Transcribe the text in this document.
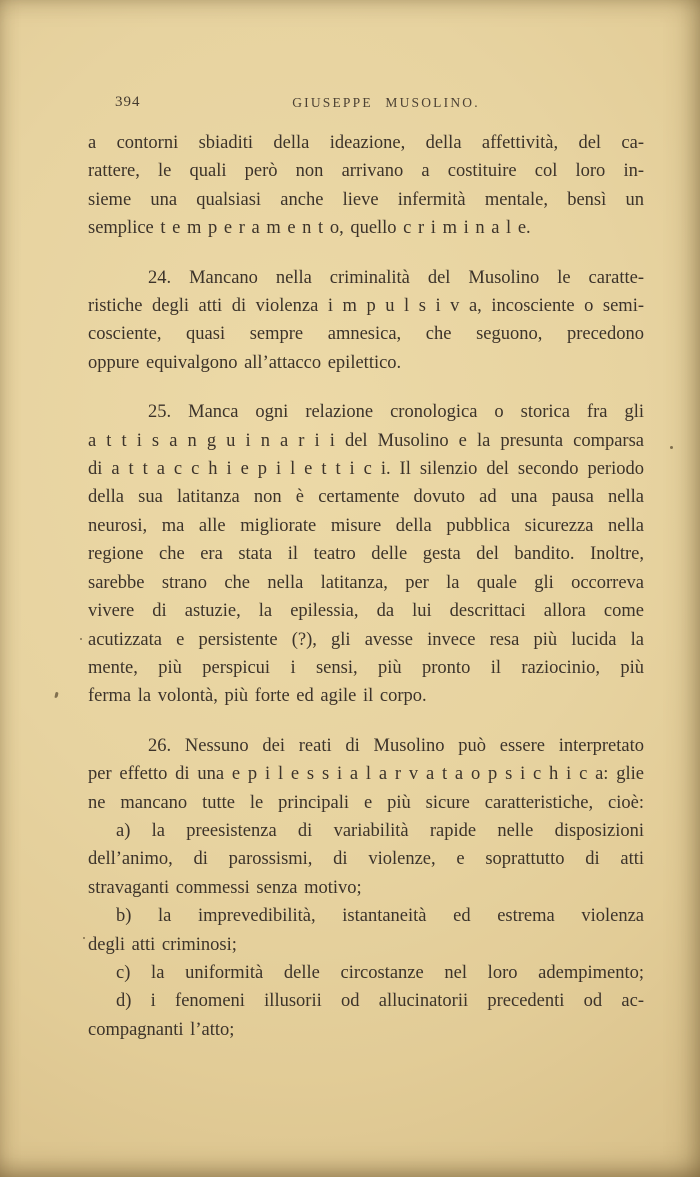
394	GIUSEPPE MUSOLINO.
a contorni sbiaditi della ideazione, della affettività, del ca-
rattere, le quali però non arrivano a costituire col loro in-
sieme una qualsiasi anche lieve infermità mentale, bensì un
semplice t e m p e r a m e n t o, quello c r i m i n a l e.
24. Mancano nella criminalità del Musolino le caratte-
ristiche degli atti di violenza i m p u l s i v a, incosciente o semi-
cosciente, quasi sempre amnesica, che seguono, precedono
oppure equivalgono all’attacco epilettico.
25. Manca ogni relazione cronologica o storica fra gli
a t t i s a n g u i n a r i i del Musolino e la presunta comparsa
di a t t a c c h i e p i l e t t i c i. Il silenzio del secondo periodo
della sua latitanza non è certamente dovuto ad una pausa nella
neurosi, ma alle migliorate misure della pubblica sicurezza nella
regione che era stata il teatro delle gesta del bandito. Inoltre,
sarebbe strano che nella latitanza, per la quale gli occorreva
vivere di astuzie, la epilessia, da lui descrittaci allora come
acutizzata e persistente (?), gli avesse invece resa più lucida la
mente, più perspicui i sensi, più pronto il raziocinio, più
ferma la volontà, più forte ed agile il corpo.
26. Nessuno dei reati di Musolino può essere interpretato
per effetto di una e p i l e s s i a l a r v a t a o p s i c h i c a: glie
ne mancano tutte le principali e più sicure caratteristiche, cioè:
a) la preesistenza di variabilità rapide nelle disposizioni
dell’animo, di parossismi, di violenze, e soprattutto di atti
stravaganti commessi senza motivo;
b) la imprevedibilità, istantaneità ed estrema violenza
degli atti criminosi;
c) la uniformità delle circostanze nel loro adempimento;
d) i fenomeni illusorii od allucinatorii precedenti od ac-
compagnanti l’atto;
